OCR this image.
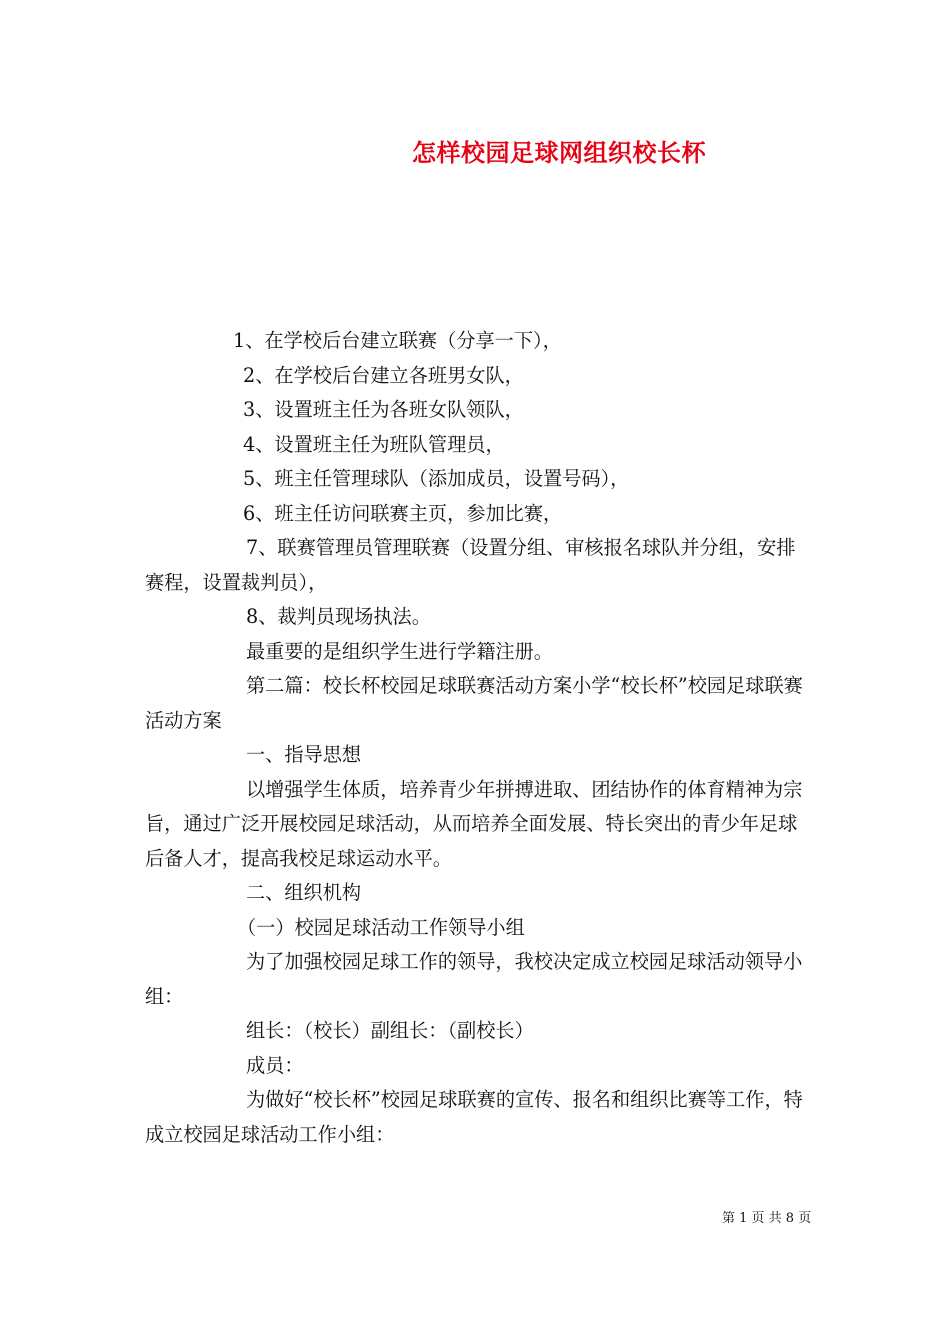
怎样校园足球网组织校长杯

1、在学校后台建立联赛（分享一下），

2、在学校后台建立各班男女队，

3、设置班主任为各班女队领队，

4、设置班主任为班队管理员，

5、班主任管理球队（添加成员，设置号码），

6、班主任访问联赛主页，参加比赛，

7、联赛管理员管理联赛（设置分组、审核报名球队并分组，安排赛程，设置裁判员），

8、裁判员现场执法。

最重要的是组织学生进行学籍注册。

第二篇：校长杯校园足球联赛活动方案小学“校长杯”校园足球联赛活动方案

一、指导思想

以增强学生体质，培养青少年拼搏进取、团结协作的体育精神为宗旨，通过广泛开展校园足球活动，从而培养全面发展、特长突出的青少年足球后备人才，提高我校足球运动水平。

二、组织机构

（一）校园足球活动工作领导小组

为了加强校园足球工作的领导，我校决定成立校园足球活动领导小组：

组长：（校长）副组长：（副校长）

成员：

为做好“校长杯”校园足球联赛的宣传、报名和组织比赛等工作，特成立校园足球活动工作小组：

第 1 页 共 8 页
